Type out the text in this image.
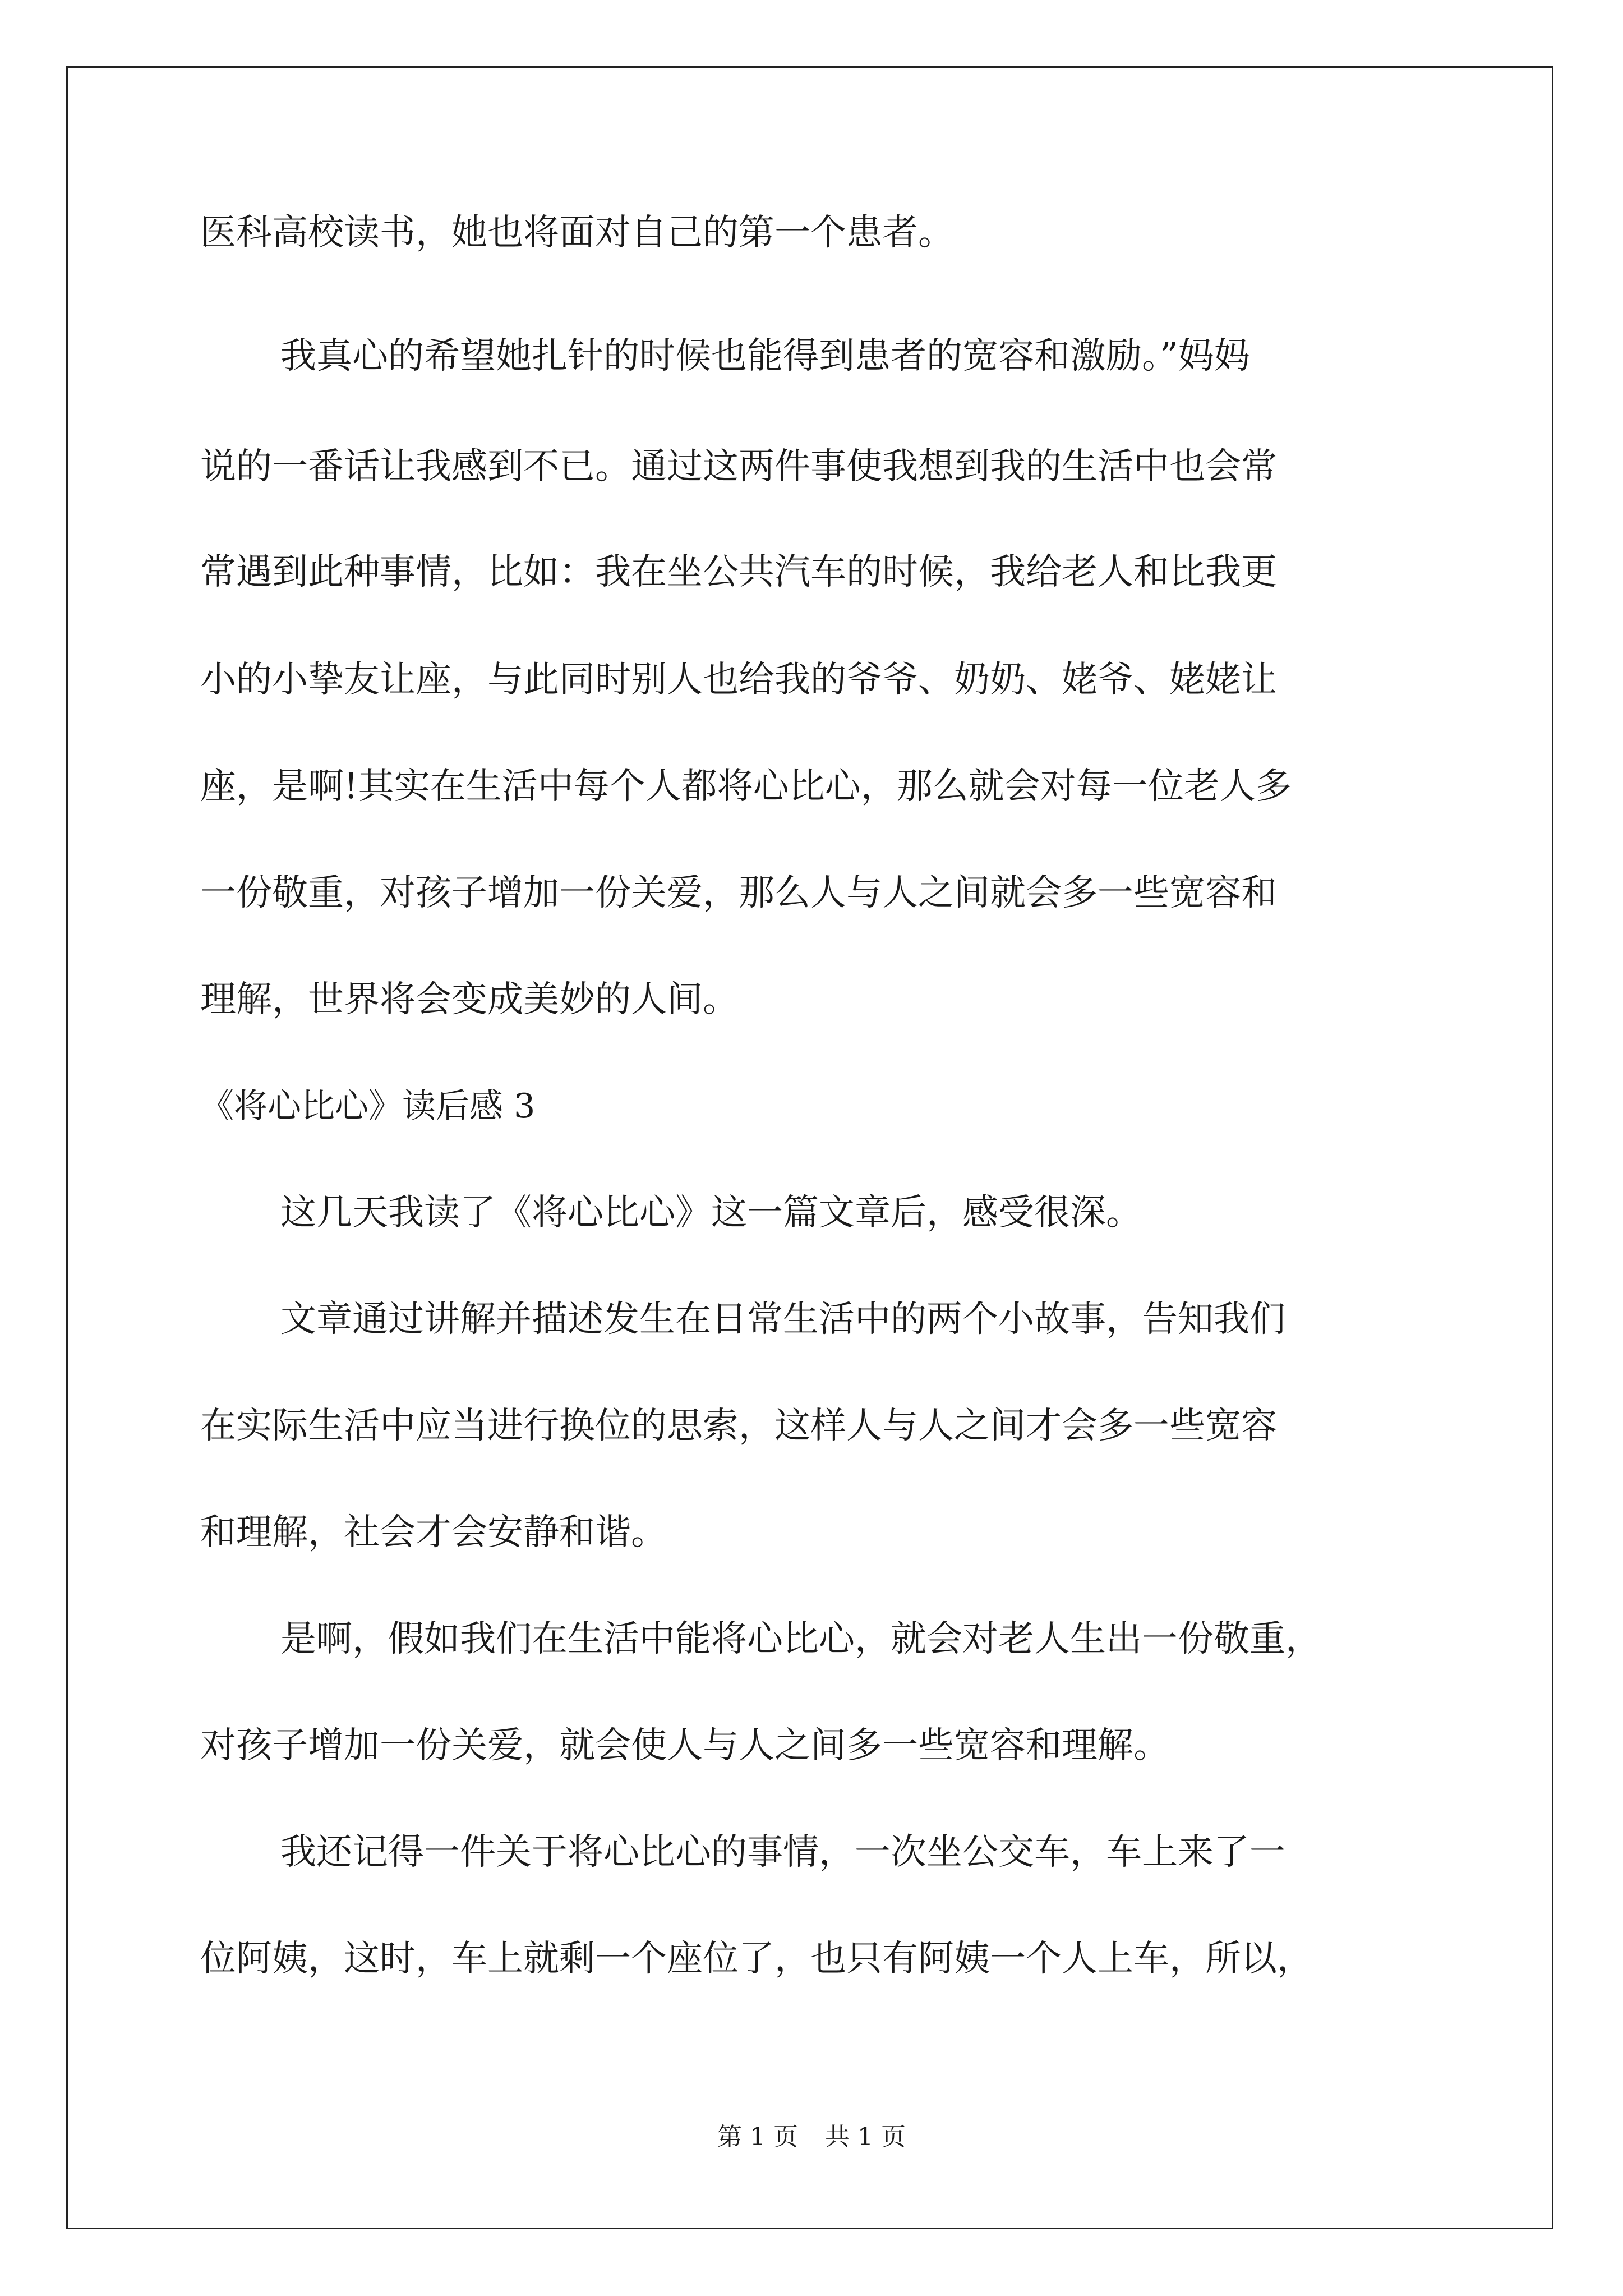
医科高校读书，她也将面对自己的第一个患者。
我真心的希望她扎针的时候也能得到患者的宽容和激励。”妈妈
说的一番话让我感到不已。通过这两件事使我想到我的生活中也会常
常遇到此种事情，比如：我在坐公共汽车的时候，我给老人和比我更
小的小挚友让座，与此同时别人也给我的爷爷、奶奶、姥爷、姥姥让
座，是啊!其实在生活中每个人都将心比心，那么就会对每一位老人多
一份敬重，对孩子增加一份关爱，那么人与人之间就会多一些宽容和
理解，世界将会变成美妙的人间。
《将心比心》读后感 3
这几天我读了《将心比心》这一篇文章后，感受很深。
文章通过讲解并描述发生在日常生活中的两个小故事，告知我们
在实际生活中应当进行换位的思索，这样人与人之间才会多一些宽容
和理解，社会才会安静和谐。
是啊，假如我们在生活中能将心比心，就会对老人生出一份敬重，
对孩子增加一份关爱，就会使人与人之间多一些宽容和理解。
我还记得一件关于将心比心的事情，一次坐公交车，车上来了一
位阿姨，这时，车上就剩一个座位了，也只有阿姨一个人上车，所以，
第 1 页 共 1 页
